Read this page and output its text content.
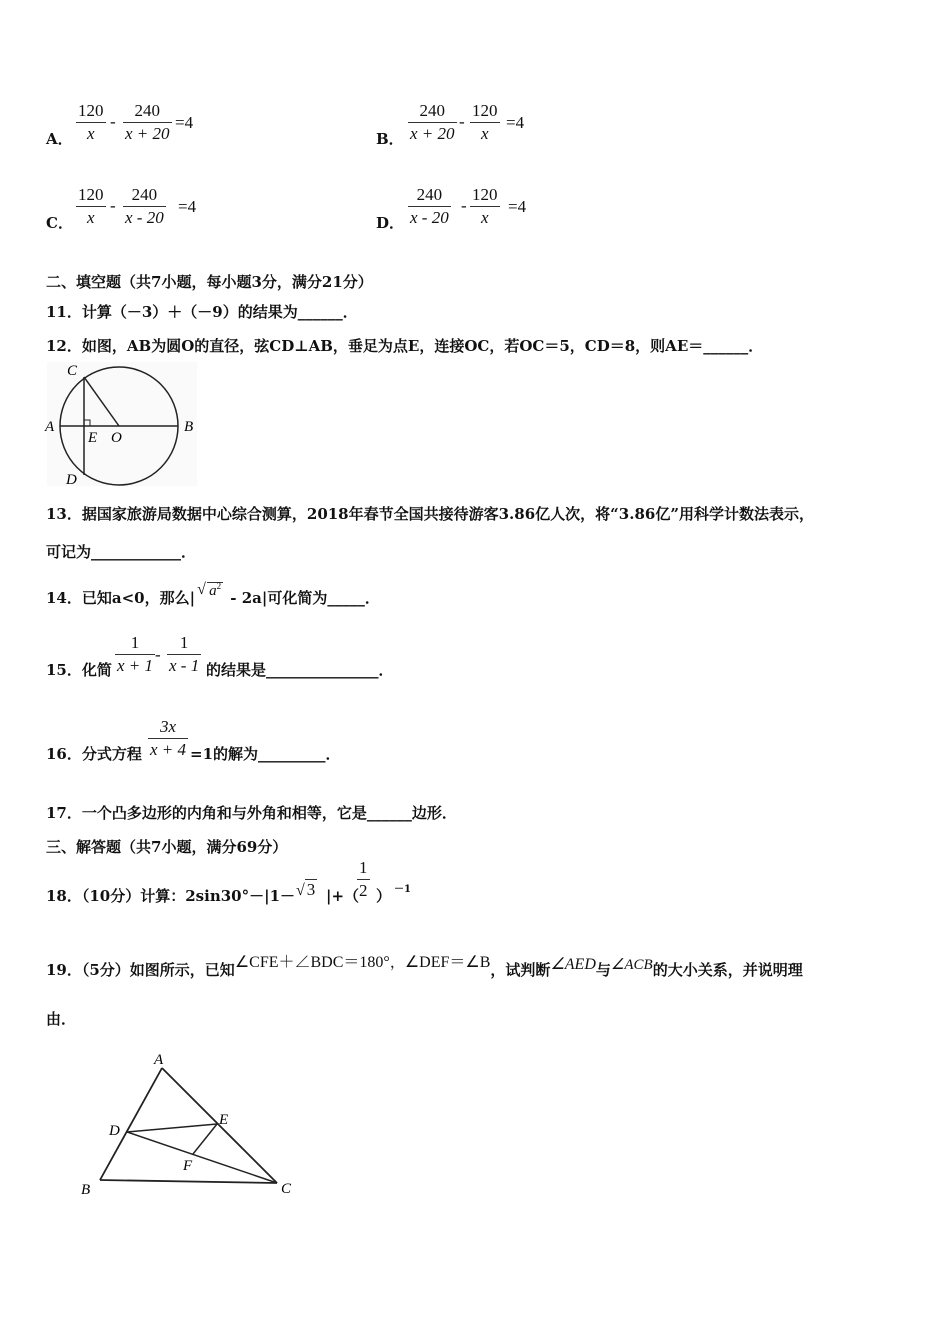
A．
120
x
-
240
x + 20
=4
B．
240
x + 20
-
120
x
=4
C．
120
x
-
240
x - 20
=4
D．
240
x - 20
-
120
x
=4
二、填空题（共7小题，每小题3分，满分21分）
11．计算（－3）＋（－9）的结果为______．
12．如图，AB为圆O的直径，弦CD⊥AB，垂足为点E，连接OC，若OC＝5，CD＝8，则AE＝______．
C
A
E O
B
D
13．据国家旅游局数据中心综合测算，2018年春节全国共接待游客3.86亿人次，将“3.86亿”用科学计数法表示，
可记为____________．
14．已知a<0，那么| √ $a^2 - 2a|$可化简为_____．
15．化简
1
x + 1
-
1
x - 1 的结果是_______________．
16．分式方程
3x
x + 4 =1的解为_________．
17．一个凸多边形的内角和与外角和相等，它是______边形．
三、解答题（共7小题，满分69分）
18．（10分）计算：2sin30°－|1－ √ 3 |+（
1
2 ） －1
19．（5分）如图所示，已知∠CFE＋∠BDC＝180°，∠DEF＝∠B，试判断∠AED与∠ACB的大小关系，并说明理
由．
A
D
E
F
B	C
